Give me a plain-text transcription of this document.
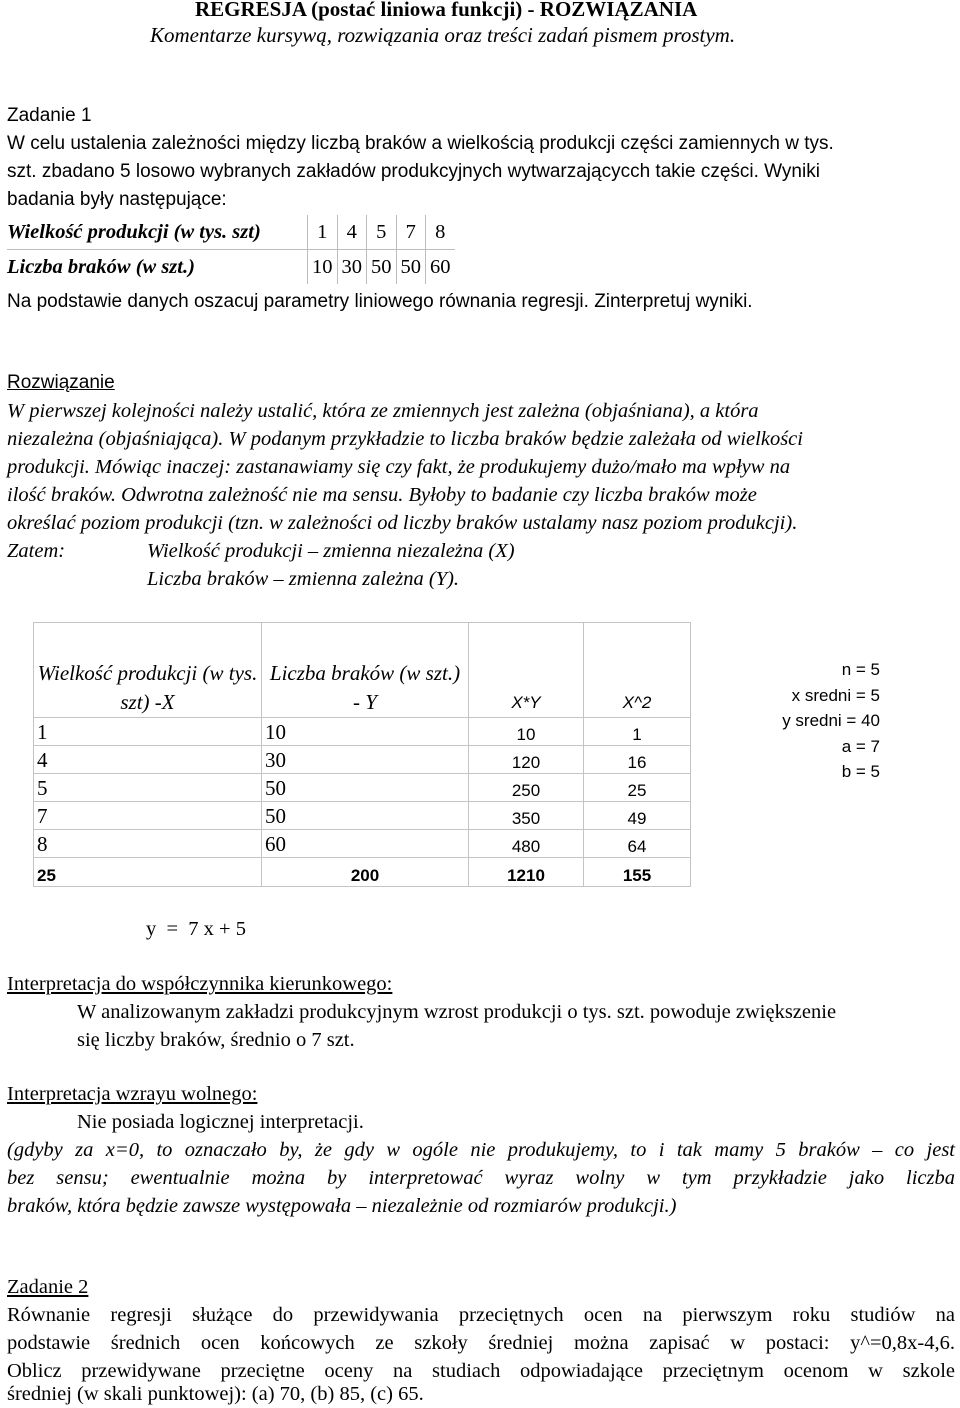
REGRESJA (postać liniowa funkcji) - ROZWIĄZANIA
Komentarze kursywą, rozwiązania oraz treści zadań pismem prostym.
Zadanie 1
W celu ustalenia zależności między liczbą braków a wielkością produkcji części zamiennych w tys.
szt. zbadano 5 losowo wybranych zakładów produkcyjnych wytwarzającycch takie części. Wyniki
badania były następujące:
Wielkość produkcji (w tys. szt)	1	4	5	7	8
Liczba braków (w szt.)	10	30	50	50	60
Na podstawie danych oszacuj parametry liniowego równania regresji. Zinterpretuj wyniki.
Rozwiązanie
W pierwszej kolejności należy ustalić, która ze zmiennych jest zależna (objaśniana), a która
niezależna (objaśniająca). W podanym przykładzie to liczba braków będzie zależała od wielkości
produkcji. Mówiąc inaczej: zastanawiamy się czy fakt, że produkujemy dużo/mało ma wpływ na
ilość braków. Odwrotna zależność nie ma sensu. Byłoby to badanie czy liczba braków może
określać poziom produkcji (tzn. w zależności od liczby braków ustalamy nasz poziom produkcji).
Zatem:	Wielkość produkcji – zmienna niezależna (X)
Liczba braków – zmienna zależna (Y).
Wielkość produkcji (w tys. szt) -X	Liczba braków (w szt.) - Y	X*Y	X^2

1	10	10	1
4	30	120	16
5	50	250	25
7	50	350	49
8	60	480	64
25	200	1210	155
n = 5
x sredni = 5
y sredni = 40
a = 7
b = 5
y  =  7 x + 5
Interpretacja do współczynnika kierunkowego:
W analizowanym zakładzi produkcyjnym wzrost produkcji o tys. szt. powoduje zwiększenie
się liczby braków, średnio o 7 szt.
Interpretacja wzrayu wolnego:
Nie posiada logicznej interpretacji.
(gdyby za x=0, to oznaczało by, że gdy w ogóle nie produkujemy, to i tak mamy 5 braków – co jest
bez sensu; ewentualnie można by interpretować wyraz wolny w tym przykładzie jako liczba
braków, która będzie zawsze występowała – niezależnie od rozmiarów produkcji.)
Zadanie 2
Równanie regresji służące do przewidywania przeciętnych ocen na pierwszym roku studiów na
podstawie średnich ocen końcowych ze szkoły średniej można zapisać w postaci: y^=0,8x-4,6.
Oblicz przewidywane przeciętne oceny na studiach odpowiadające przeciętnym ocenom w szkole
średniej (w skali punktowej): (a) 70, (b) 85, (c) 65.
